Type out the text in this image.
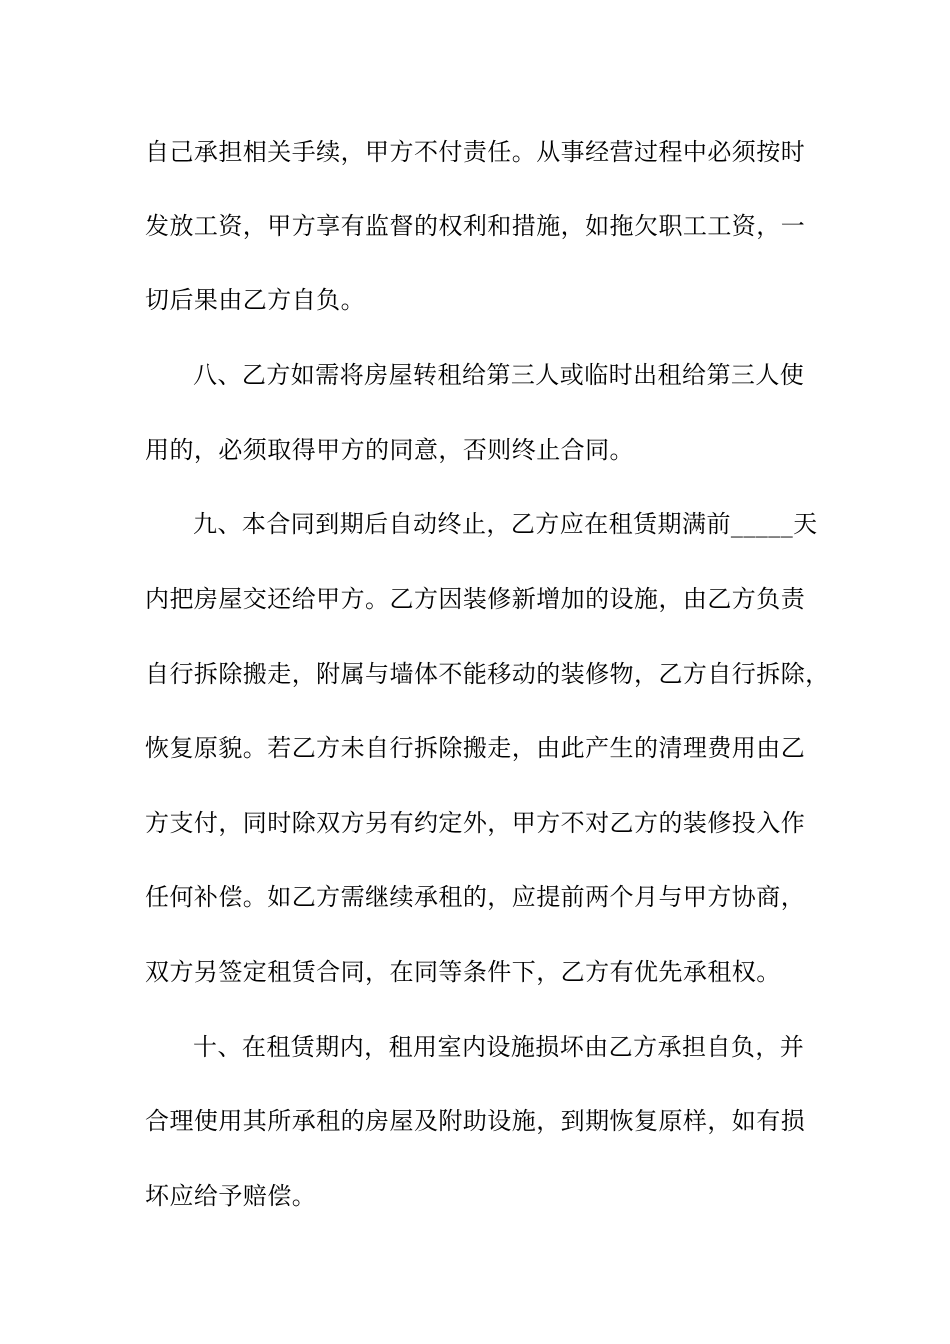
自己承担相关手续，甲方不付责任。从事经营过程中必须按时
发放工资，甲方享有监督的权利和措施，如拖欠职工工资，一
切后果由乙方自负。
八、乙方如需将房屋转租给第三人或临时出租给第三人使
用的，必须取得甲方的同意，否则终止合同。
九、本合同到期后自动终止，乙方应在租赁期满前_____天
内把房屋交还给甲方。乙方因装修新增加的设施，由乙方负责
自行拆除搬走，附属与墙体不能移动的装修物，乙方自行拆除，
恢复原貌。若乙方未自行拆除搬走，由此产生的清理费用由乙
方支付，同时除双方另有约定外，甲方不对乙方的装修投入作
任何补偿。如乙方需继续承租的，应提前两个月与甲方协商，
双方另签定租赁合同，在同等条件下，乙方有优先承租权。
十、在租赁期内，租用室内设施损坏由乙方承担自负，并
合理使用其所承租的房屋及附助设施，到期恢复原样，如有损
坏应给予赔偿。
